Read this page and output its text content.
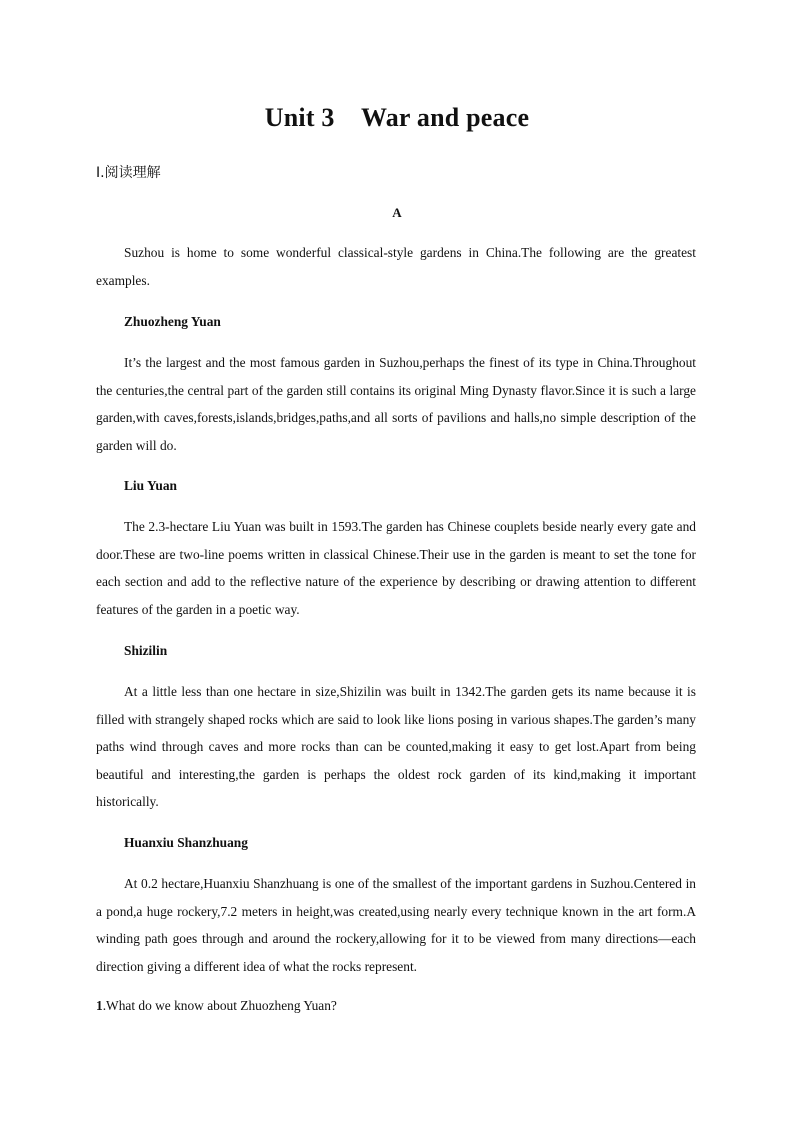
Unit 3    War and peace
Ⅰ.阅读理解
A

Suzhou is home to some wonderful classical-style gardens in China.The following are the greatest examples.

Zhuozheng Yuan

It’s the largest and the most famous garden in Suzhou,perhaps the finest of its type in China.Throughout the centuries,the central part of the garden still contains its original Ming Dynasty flavor.Since it is such a large garden,with caves,forests,islands,bridges,paths,and all sorts of pavilions and halls,no simple description of the garden will do.

Liu Yuan

The 2.3-hectare Liu Yuan was built in 1593.The garden has Chinese couplets beside nearly every gate and door.These are two-line poems written in classical Chinese.Their use in the garden is meant to set the tone for each section and add to the reflective nature of the experience by describing or drawing attention to different features of the garden in a poetic way.

Shizilin

At a little less than one hectare in size,Shizilin was built in 1342.The garden gets its name because it is filled with strangely shaped rocks which are said to look like lions posing in various shapes.The garden’s many paths wind through caves and more rocks than can be counted,making it easy to get lost.Apart from being beautiful and interesting,the garden is perhaps the oldest rock garden of its kind,making it important historically.

Huanxiu Shanzhuang

At 0.2 hectare,Huanxiu Shanzhuang is one of the smallest of the important gardens in Suzhou.Centered in a pond,a huge rockery,7.2 meters in height,was created,using nearly every technique known in the art form.A winding path goes through and around the rockery,allowing for it to be viewed from many directions—each direction giving a different idea of what the rocks represent.

1.What do we know about Zhuozheng Yuan?
